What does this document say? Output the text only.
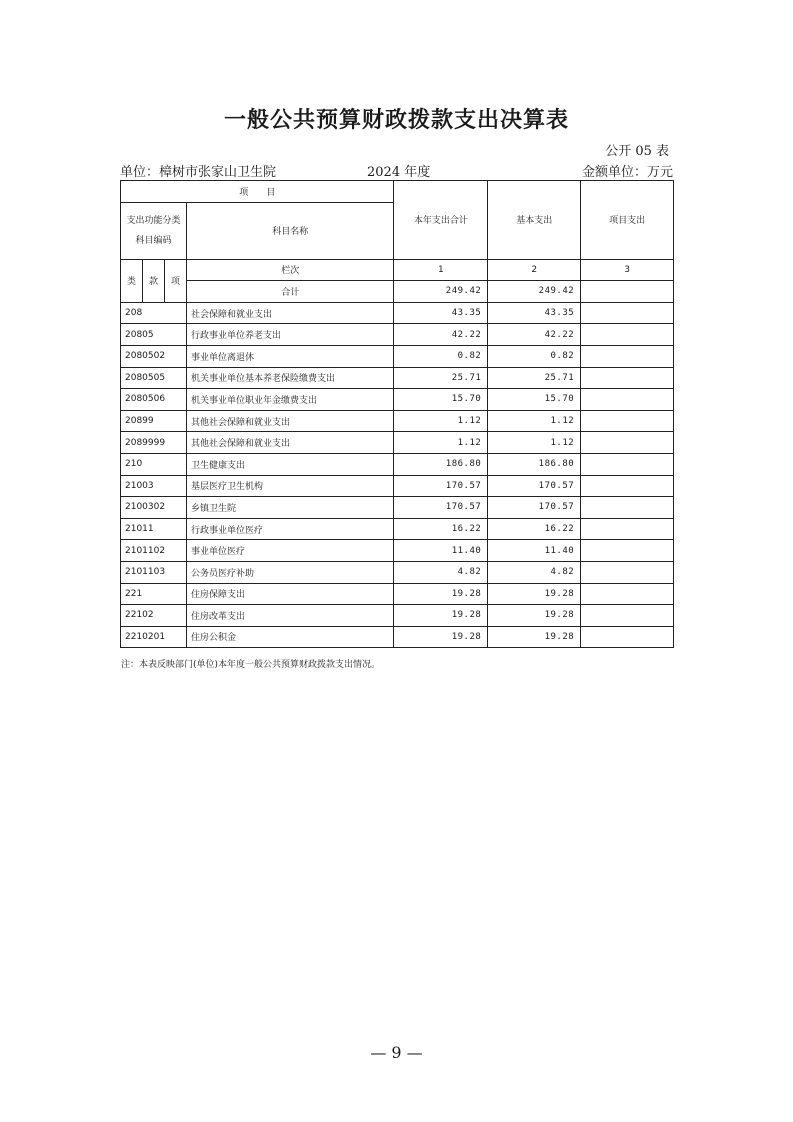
一般公共预算财政拨款支出决算表
公开 05 表
单位：樟树市张家山卫生院	2024 年度	金额单位：万元
项　　目				本年支出合计	基本支出	项目支出
支出功能分类科目编码			科目名称			

类	款	项	栏次	1	2	3
			合计	249.42	249.42	
208			社会保障和就业支出	43.35	43.35	
20805			行政事业单位养老支出	42.22	42.22	
2080502			事业单位离退休	0.82	0.82	
2080505			机关事业单位基本养老保险缴费支出	25.71	25.71	
2080506			机关事业单位职业年金缴费支出	15.70	15.70	
20899			其他社会保障和就业支出	1.12	1.12	
2089999			其他社会保障和就业支出	1.12	1.12	
210			卫生健康支出	186.80	186.80	
21003			基层医疗卫生机构	170.57	170.57	
2100302			乡镇卫生院	170.57	170.57	
21011			行政事业单位医疗	16.22	16.22	
2101102			事业单位医疗	11.40	11.40	
2101103			公务员医疗补助	4.82	4.82	
221			住房保障支出	19.28	19.28	
22102			住房改革支出	19.28	19.28	
2210201			住房公积金	19.28	19.28	
注：本表反映部门(单位)本年度一般公共预算财政拨款支出情况。
— 9 —
